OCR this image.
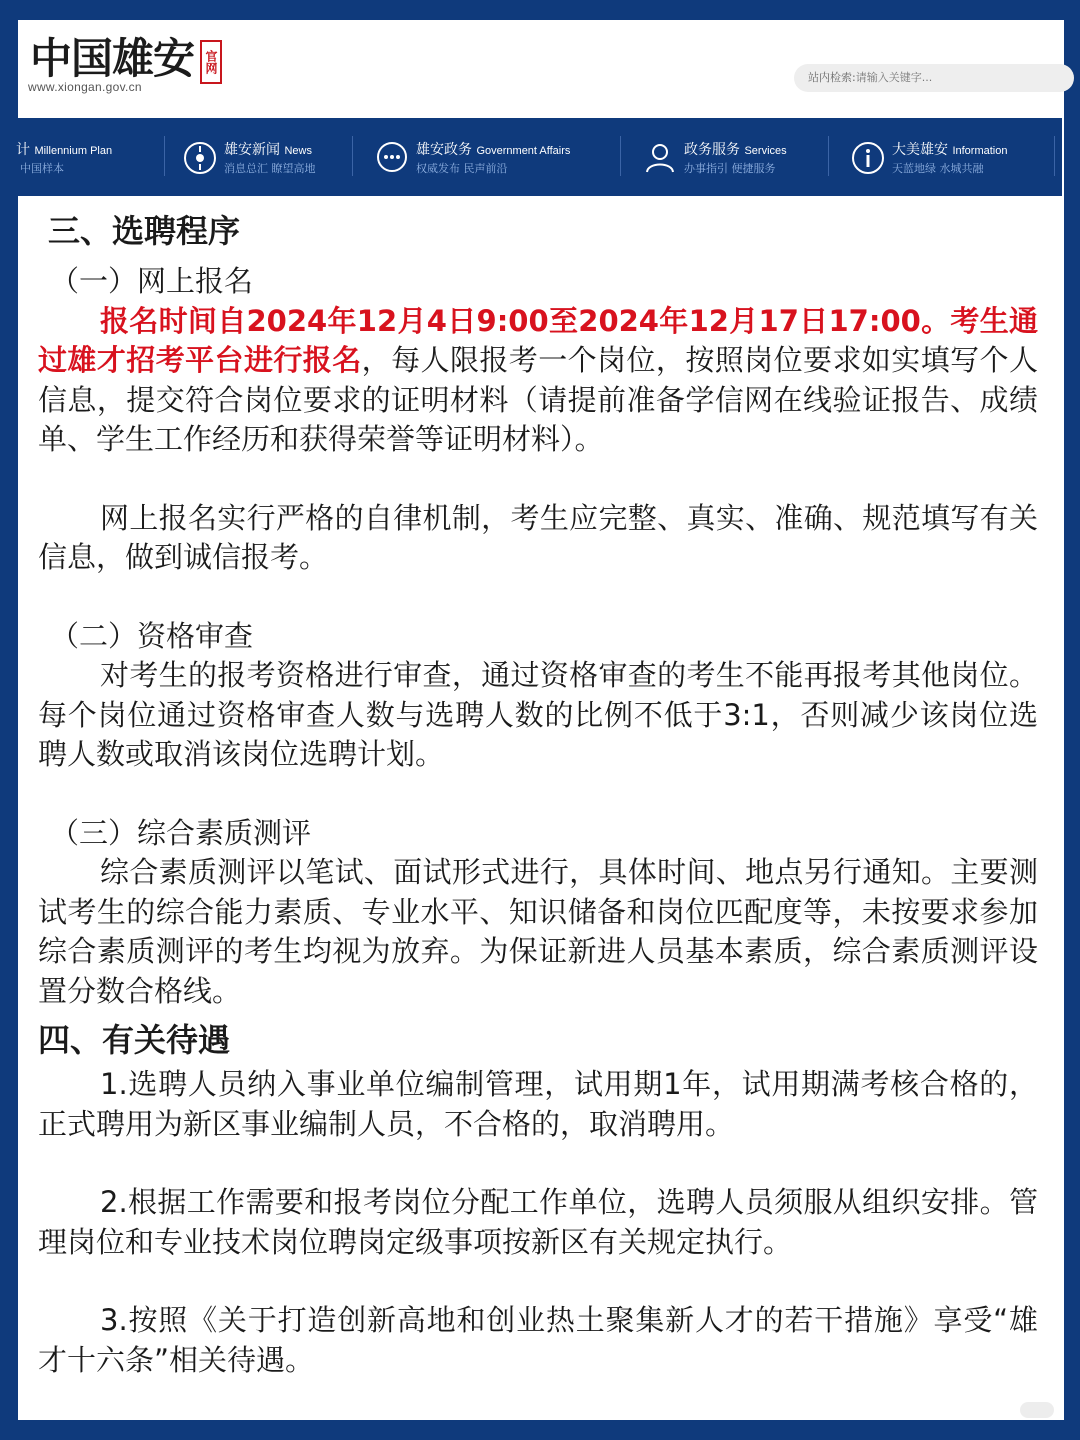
中国雄安 官网
www.xiongan.gov.cn
站内检索:请输入关键字...
计 Millennium Plan
中国样本
雄安新闻 News
消息总汇 瞭望高地
雄安政务 Government Affairs
权威发布 民声前沿
政务服务 Services
办事指引 便捷服务
大美雄安 Information
天蓝地绿 水城共融
三、选聘程序
（一）网上报名
报名时间自2024年12月4日9:00至2024年12月17日17:00。考生通过雄才招考平台进行报名，每人限报考一个岗位，按照岗位要求如实填写个人信息，提交符合岗位要求的证明材料（请提前准备学信网在线验证报告、成绩单、学生工作经历和获得荣誉等证明材料）。
网上报名实行严格的自律机制，考生应完整、真实、准确、规范填写有关信息，做到诚信报考。
（二）资格审查
对考生的报考资格进行审查，通过资格审查的考生不能再报考其他岗位。每个岗位通过资格审查人数与选聘人数的比例不低于3:1，否则减少该岗位选聘人数或取消该岗位选聘计划。
（三）综合素质测评
综合素质测评以笔试、面试形式进行，具体时间、地点另行通知。主要测试考生的综合能力素质、专业水平、知识储备和岗位匹配度等，未按要求参加综合素质测评的考生均视为放弃。为保证新进人员基本素质，综合素质测评设置分数合格线。
四、有关待遇
1.选聘人员纳入事业单位编制管理，试用期1年，试用期满考核合格的，正式聘用为新区事业编制人员，不合格的，取消聘用。
2.根据工作需要和报考岗位分配工作单位，选聘人员须服从组织安排。管理岗位和专业技术岗位聘岗定级事项按新区有关规定执行。
3.按照《关于打造创新高地和创业热土聚集新人才的若干措施》享受“雄才十六条”相关待遇。
